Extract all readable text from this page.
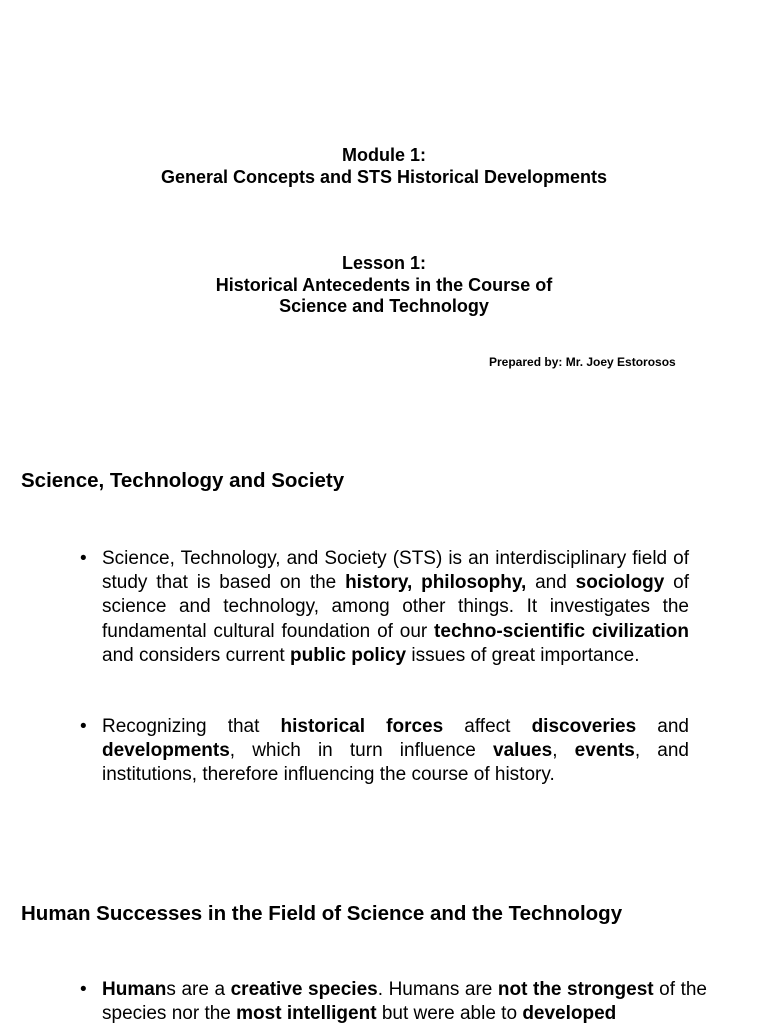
Module 1:
General Concepts and STS Historical Developments
Lesson 1:
Historical Antecedents in the Course of
Science and Technology
Prepared by: Mr. Joey Estorosos
Science, Technology and Society
• Science, Technology, and Society (STS) is an interdisciplinary field of study that is based on the history, philosophy, and sociology of science and technology, among other things. It investigates the fundamental cultural foundation of our techno-scientific civilization and considers current public policy issues of great importance.
• Recognizing that historical forces affect discoveries and developments, which in turn influence values, events, and institutions, therefore influencing the course of history.
Human Successes in the Field of Science and the Technology
• Humans are a creative species. Humans are not the strongest of the species nor the most intelligent but were able to developed
